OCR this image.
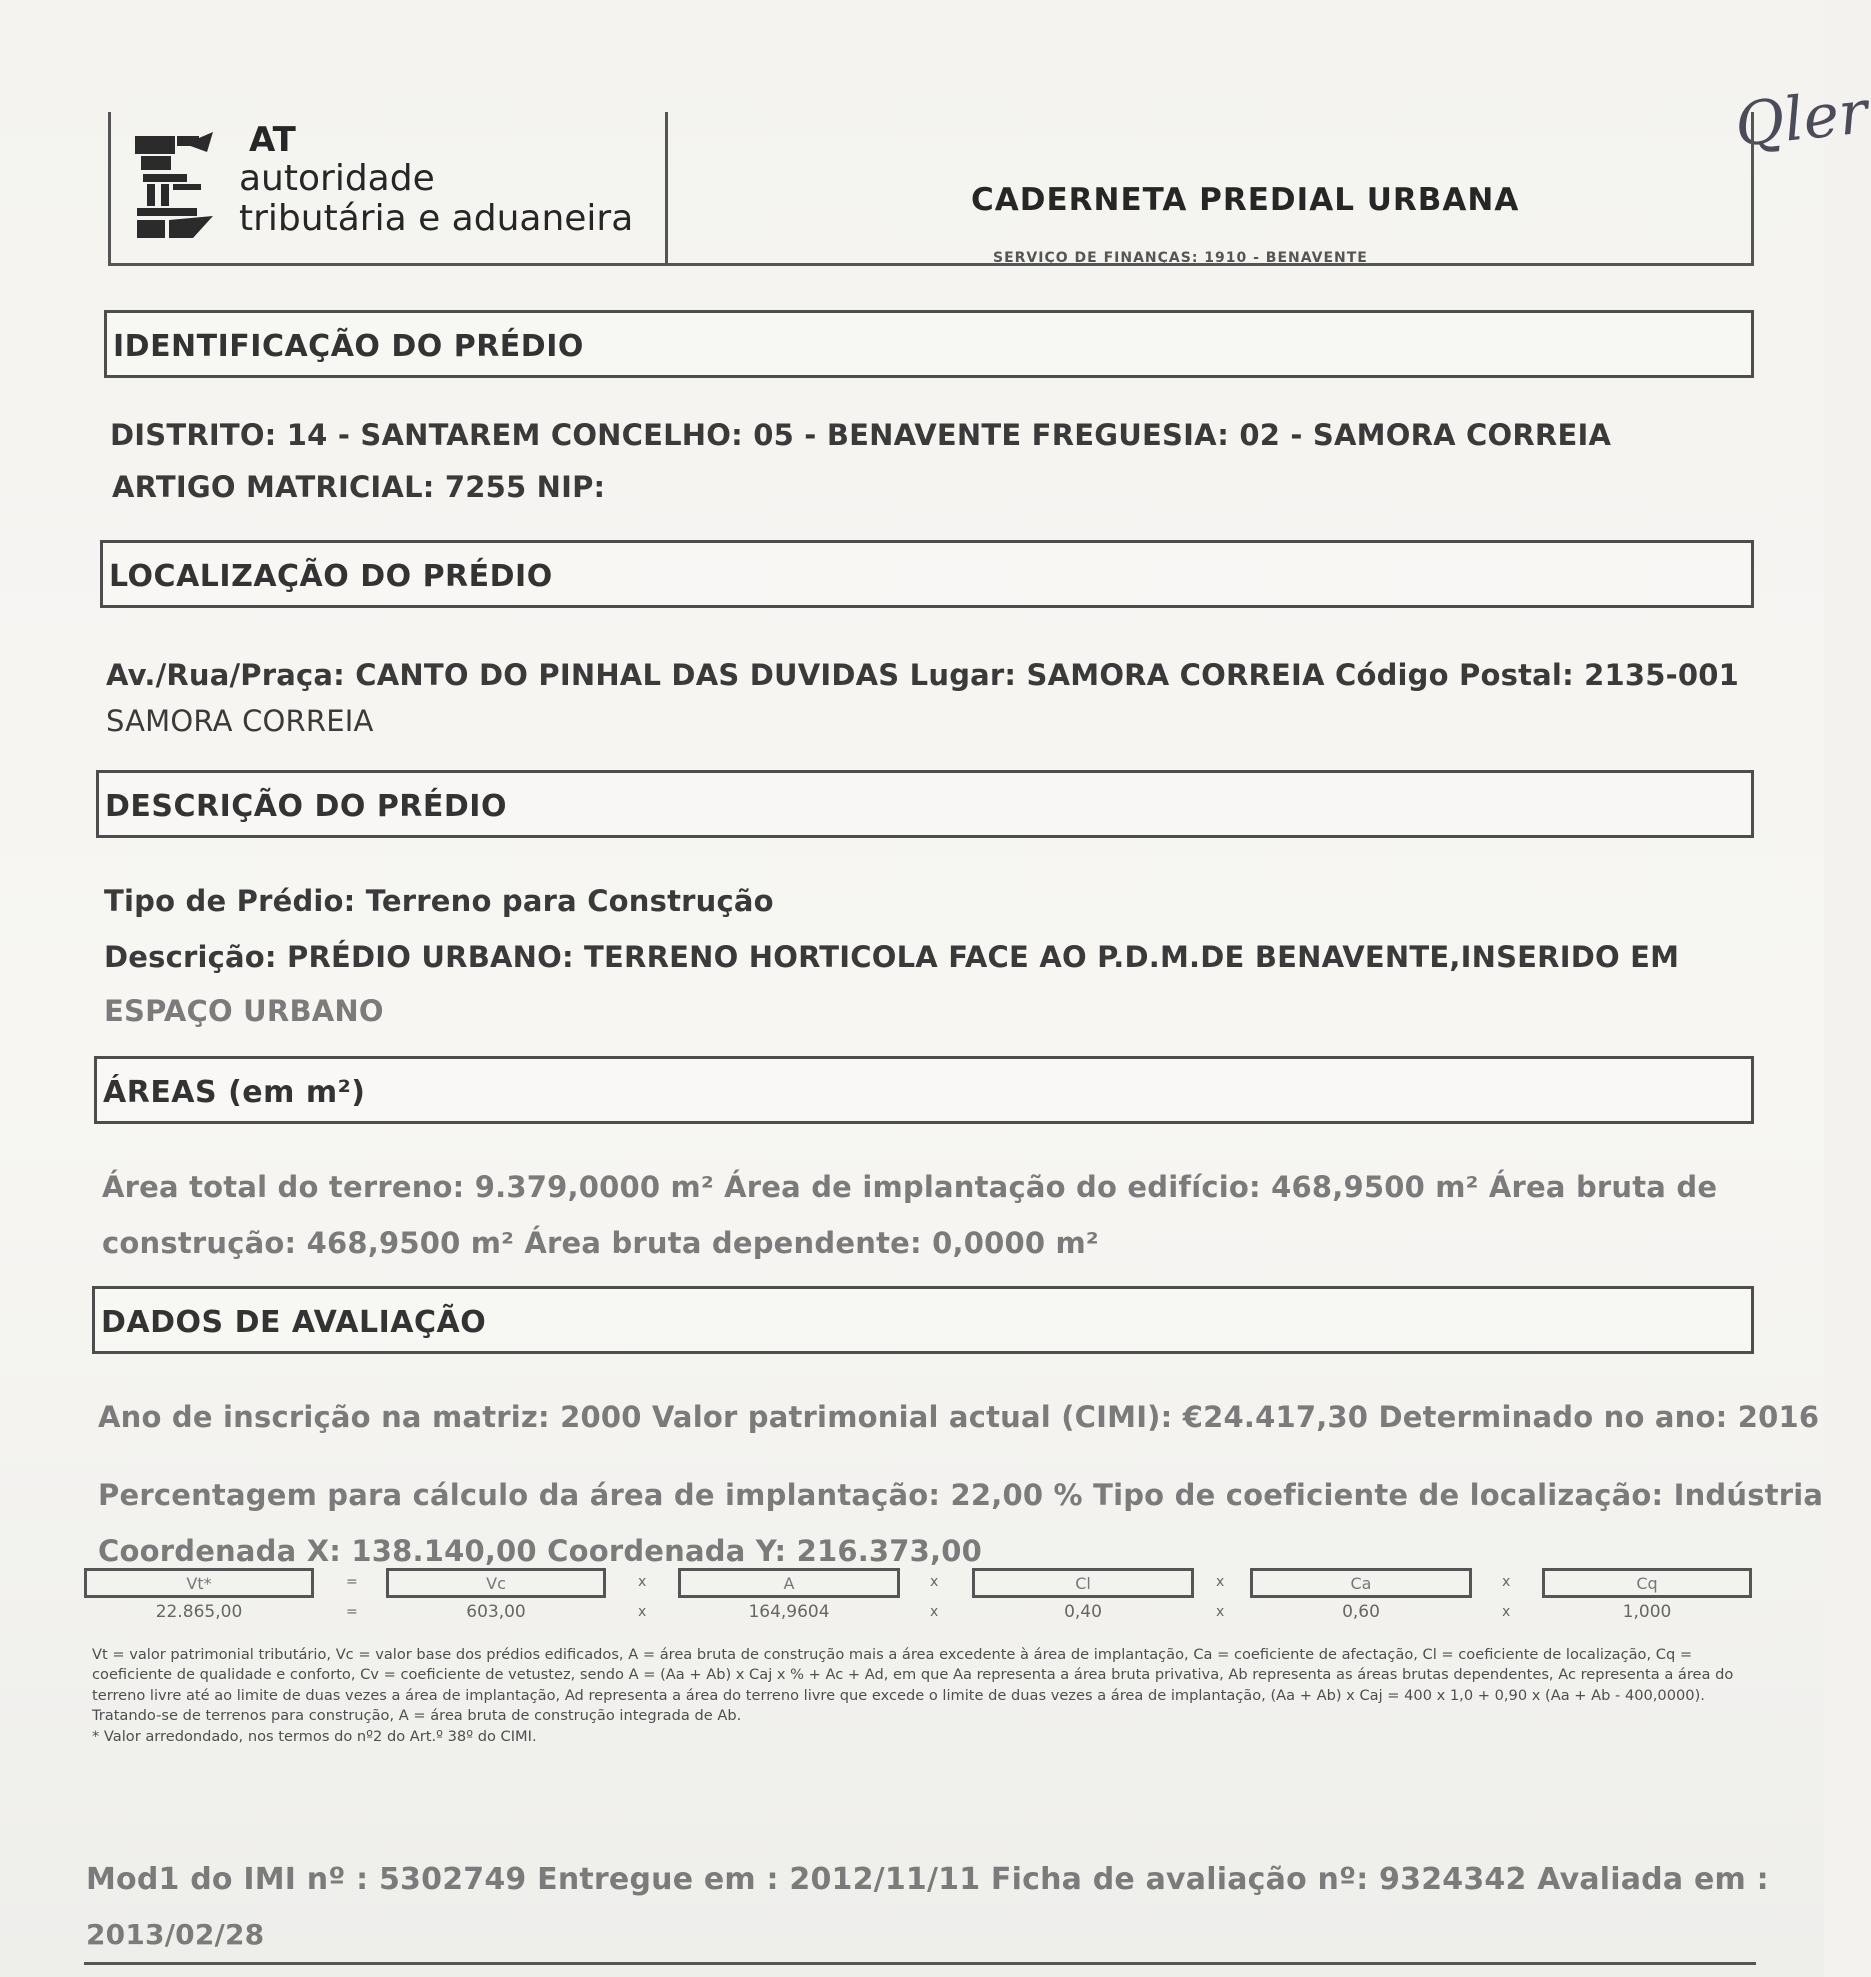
Qler
AT
autoridade
tributária e aduaneira	CADERNETA PREDIAL URBANA
SERVIÇO DE FINANÇAS: 1910 - BENAVENTE
IDENTIFICAÇÃO DO PRÉDIO
DISTRITO: 14 - SANTAREM CONCELHO: 05 - BENAVENTE FREGUESIA: 02 - SAMORA CORREIA
ARTIGO MATRICIAL: 7255 NIP:
LOCALIZAÇÃO DO PRÉDIO
Av./Rua/Praça: CANTO DO PINHAL DAS DUVIDAS Lugar: SAMORA CORREIA Código Postal: 2135-001
SAMORA CORREIA
DESCRIÇÃO DO PRÉDIO
Tipo de Prédio: Terreno para Construção
Descrição: PRÉDIO URBANO: TERRENO HORTICOLA FACE AO P.D.M.DE BENAVENTE,INSERIDO EM
ESPAÇO URBANO
ÁREAS (em m²)
Área total do terreno: 9.379,0000 m² Área de implantação do edifício: 468,9500 m² Área bruta de
construção: 468,9500 m² Área bruta dependente: 0,0000 m²
DADOS DE AVALIAÇÃO
Ano de inscrição na matriz: 2000 Valor patrimonial actual (CIMI): €24.417,30 Determinado no ano: 2016
Percentagem para cálculo da área de implantação: 22,00 % Tipo de coeficiente de localização: Indústria
Coordenada X: 138.140,00 Coordenada Y: 216.373,00
Vt*
22.865,00
=
=
Vc
603,00
x
x
A
164,9604
x
x
Cl
0,40
x
x
Ca
0,60
x
x
Cq
1,000
Vt = valor patrimonial tributário, Vc = valor base dos prédios edificados, A = área bruta de construção mais a área excedente à área de implantação, Ca = coeficiente de afectação, Cl = coeficiente de localização, Cq = coeficiente de qualidade e conforto, Cv = coeficiente de vetustez, sendo A = (Aa + Ab) x Caj x % + Ac + Ad, em que Aa representa a área bruta privativa, Ab representa as áreas brutas dependentes, Ac representa a área do terreno livre até ao limite de duas vezes a área de implantação, Ad representa a área do terreno livre que excede o limite de duas vezes a área de implantação, (Aa + Ab) x Caj = 400 x 1,0 + 0,90 x (Aa + Ab - 400,0000).
Tratando-se de terrenos para construção, A = área bruta de construção integrada de Ab.
* Valor arredondado, nos termos do nº2 do Art.º 38º do CIMI.
Mod1 do IMI nº : 5302749 Entregue em : 2012/11/11 Ficha de avaliação nº: 9324342 Avaliada em :
2013/02/28
